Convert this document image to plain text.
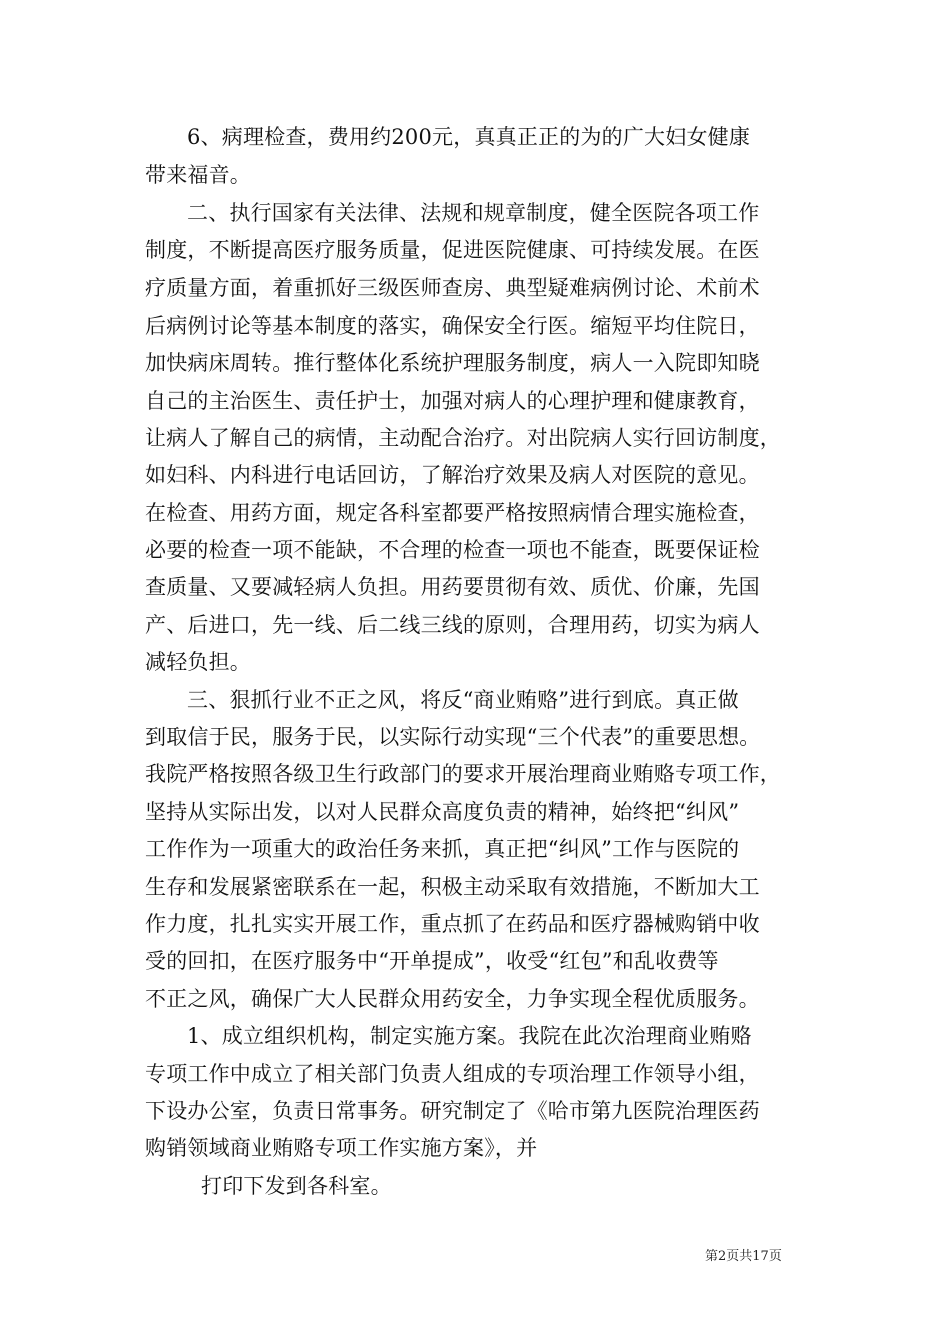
6、病理检查，费用约200元，真真正正的为的广大妇女健康
带来福音。
二、执行国家有关法律、法规和规章制度，健全医院各项工作
制度，不断提高医疗服务质量，促进医院健康、可持续发展。在医
疗质量方面，着重抓好三级医师查房、典型疑难病例讨论、术前术
后病例讨论等基本制度的落实，确保安全行医。缩短平均住院日，
加快病床周转。推行整体化系统护理服务制度，病人一入院即知晓
自己的主治医生、责任护士，加强对病人的心理护理和健康教育，
让病人了解自己的病情，主动配合治疗。对出院病人实行回访制度，
如妇科、内科进行电话回访，了解治疗效果及病人对医院的意见。
在检查、用药方面，规定各科室都要严格按照病情合理实施检查，
必要的检查一项不能缺，不合理的检查一项也不能查，既要保证检
查质量、又要减轻病人负担。用药要贯彻有效、质优、价廉，先国
产、后进口，先一线、后二线三线的原则，合理用药，切实为病人
减轻负担。
三、狠抓行业不正之风，将反“商业贿赂”进行到底。真正做
到取信于民，服务于民，以实际行动实现“三个代表”的重要思想。
我院严格按照各级卫生行政部门的要求开展治理商业贿赂专项工作，
坚持从实际出发，以对人民群众高度负责的精神，始终把“纠风”
工作作为一项重大的政治任务来抓，真正把“纠风”工作与医院的
生存和发展紧密联系在一起，积极主动采取有效措施，不断加大工
作力度，扎扎实实开展工作，重点抓了在药品和医疗器械购销中收
受的回扣，在医疗服务中“开单提成”，收受“红包”和乱收费等
不正之风，确保广大人民群众用药安全，力争实现全程优质服务。
1、成立组织机构，制定实施方案。我院在此次治理商业贿赂
专项工作中成立了相关部门负责人组成的专项治理工作领导小组，
下设办公室，负责日常事务。研究制定了《哈市第九医院治理医药
购销领域商业贿赂专项工作实施方案》，并
打印下发到各科室。
第2页共17页
